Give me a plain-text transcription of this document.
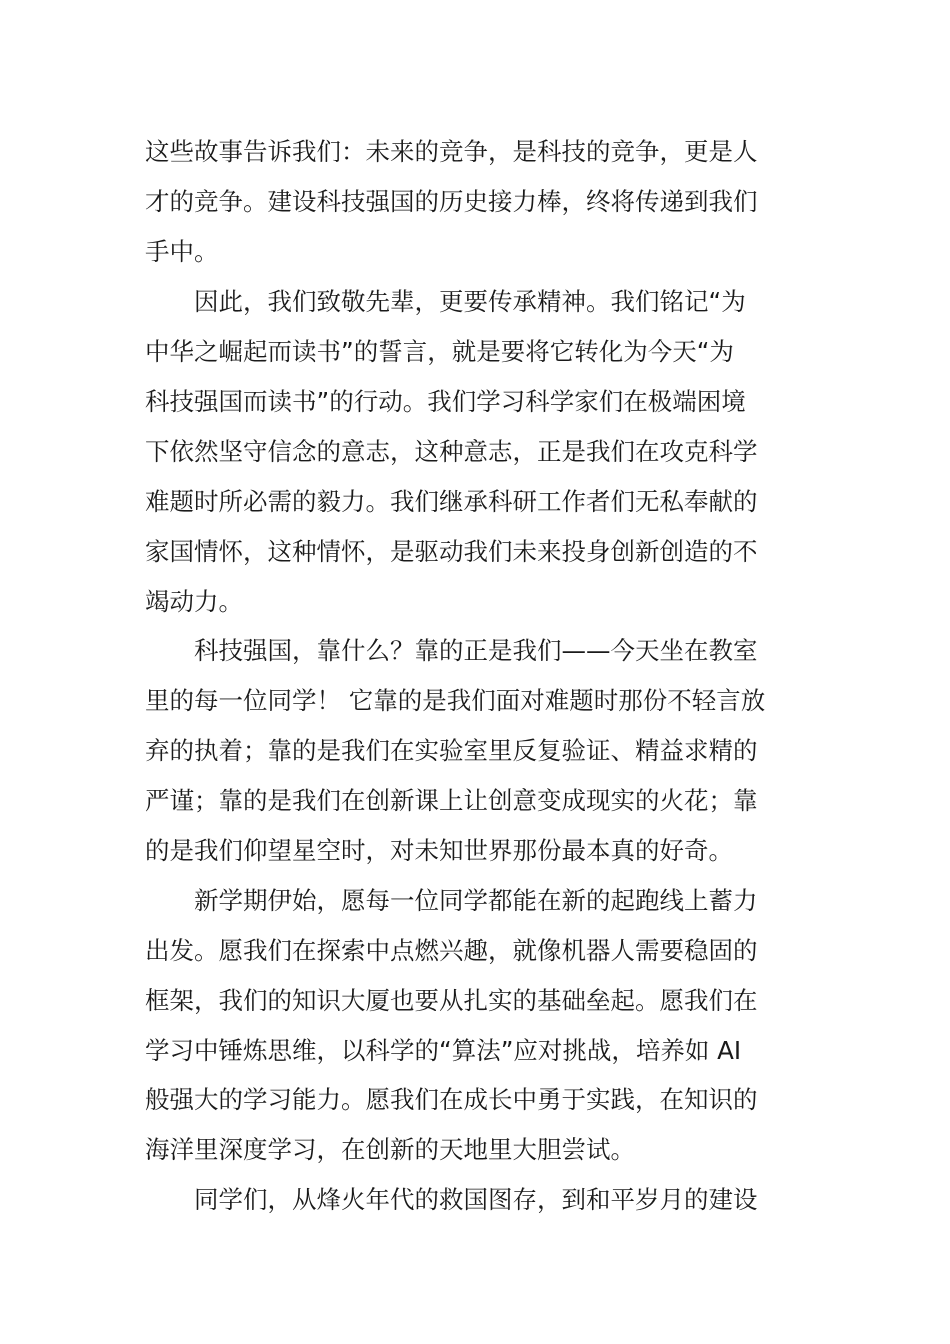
这些故事告诉我们：未来的竞争，是科技的竞争，更是人
才的竞争。建设科技强国的历史接力棒，终将传递到我们
手中。
因此，我们致敬先辈，更要传承精神。我们铭记“为
中华之崛起而读书”的誓言，就是要将它转化为今天“为
科技强国而读书”的行动。我们学习科学家们在极端困境
下依然坚守信念的意志，这种意志，正是我们在攻克科学
难题时所必需的毅力。我们继承科研工作者们无私奉献的
家国情怀，这种情怀，是驱动我们未来投身创新创造的不
竭动力。
科技强国，靠什么？靠的正是我们——今天坐在教室
里的每一位同学！ 它靠的是我们面对难题时那份不轻言放
弃的执着；靠的是我们在实验室里反复验证、精益求精的
严谨；靠的是我们在创新课上让创意变成现实的火花；靠
的是我们仰望星空时，对未知世界那份最本真的好奇。
新学期伊始，愿每一位同学都能在新的起跑线上蓄力
出发。愿我们在探索中点燃兴趣，就像机器人需要稳固的
框架，我们的知识大厦也要从扎实的基础垒起。愿我们在
学习中锤炼思维，以科学的“算法”应对挑战，培养如 AI
般强大的学习能力。愿我们在成长中勇于实践，在知识的
海洋里深度学习，在创新的天地里大胆尝试。
同学们，从烽火年代的救国图存，到和平岁月的建设
